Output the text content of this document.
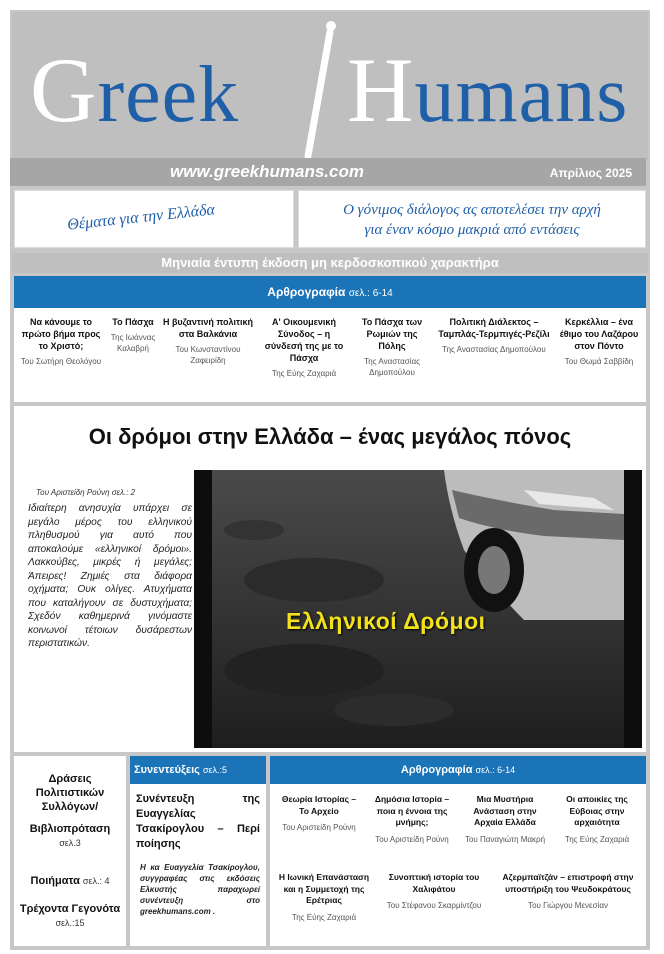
Greek Humans
www.greekhumans.com	Απρίλιος 2025
Θέματα για την Ελλάδα	Ο γόνιμος διάλογος ας αποτελέσει την αρχή
για έναν κόσμο μακριά από εντάσεις
Μηνιαία έντυπη έκδοση μη κερδοσκοπικού χαρακτήρα
Αρθρογραφία σελ.: 6-14
Να κάνουμε το πρώτο βήμα προς το Χριστό;
Του Σωτήρη Θεολόγου
Το Πάσχα
Της Ιωάννας Καλαβρή
Η βυζαντινή πολιτική στα Βαλκάνια
Του Κωνσταντίνου Ζαφειρίδη
Α' Οικουμενική Σύνοδος – η σύνδεσή της με το Πάσχα
Της Εύης Ζαχαριά
Το Πάσχα των Ρωμιών της Πόλης
Της Αναστασίας Δημοπούλου
Πολιτική Διάλεκτος – Ταμπλάς-Τερμπιγές-Ρεζίλι
Της Αναστασίας Δημοπούλου
Κερκέλλια – ένα έθιμο του Λαζάρου στον Πόντο
Του Θωμά Σαββίδη
Οι δρόμοι στην Ελλάδα – ένας μεγάλος πόνος
Του Αριστείδη Ρούνη σελ.: 2
Ιδιαίτερη ανησυχία υπάρχει σε μεγάλο μέρος του ελληνικού πληθυσμού για αυτό που αποκαλούμε «ελληνικοί δρόμοι». Λακκούβες, μικρές ή μεγάλες; Άπειρες! Ζημιές στα διάφορα οχήματα; Ουκ ολίγες. Ατυχήματα που καταλήγουν σε δυστυχήματα; Σχεδόν καθημερινά γινόμαστε κοινωνοί τέτοιων δυσάρεστων περιστατικών.
Ελληνικοί Δρόμοι
Δράσεις Πολιτιστικών Συλλόγων/
Βιβλιοπρόταση
σελ.3
Ποιήματα σελ.: 4
Τρέχοντα Γεγονότα σελ.:15
Συνεντεύξεις σελ.:5
Συνέντευξη της Ευαγγελίας Τσακίρογλου – Περί ποίησης
Η κα Ευαγγελία Τσακίρογλου, συγγραφέας στις εκδόσεις Ελκυστής παραχωρεί συνέντευξη στο greekhumans.com .
Αρθρογραφία σελ.: 6-14
Θεωρία Ιστορίας – Το Αρχείο
Του Αριστείδη Ρούνη
Δημόσια Ιστορία – ποια η έννοια της μνήμης;
Του Αριστείδη Ρούνη
Μια Μυστήρια Ανάσταση στην Αρχαία Ελλάδα
Του Παναγιώτη Μακρή
Οι αποικίες της Εύβοιας στην αρχαιότητα
Της Εύης Ζαχαριά
Η Ιωνική Επανάσταση και η Συμμετοχή της Ερέτριας
Της Εύης Ζαχαριά
Συνοπτική ιστορία του Χαλιφάτου
Του Στέφανου Σκαρμίντζου
Αζερμπαϊτζάν – επιστροφή στην υποστήριξη του Ψευδοκράτους
Του Γιώργου Μενεσίαν
